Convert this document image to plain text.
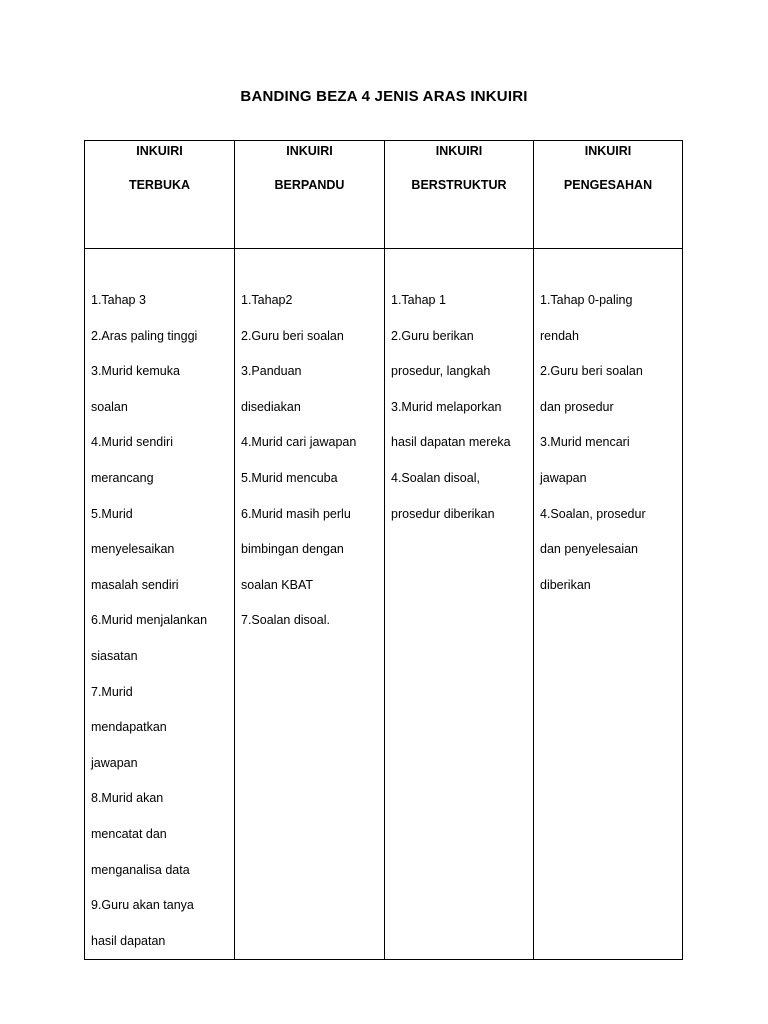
BANDING BEZA 4 JENIS ARAS INKUIRI
INKUIRI
TERBUKA
INKUIRI
BERPANDU
INKUIRI
BERSTRUKTUR
INKUIRI
PENGESAHAN
1.Tahap 3
2.Aras paling tinggi
3.Murid kemuka
soalan
4.Murid sendiri
merancang
5.Murid
menyelesaikan
masalah sendiri
6.Murid menjalankan
siasatan
7.Murid
mendapatkan
jawapan
8.Murid akan
mencatat dan
menganalisa data
9.Guru akan tanya
hasil dapatan
1.Tahap2
2.Guru beri soalan
3.Panduan
disediakan
4.Murid cari jawapan
5.Murid mencuba
6.Murid masih perlu
bimbingan dengan
soalan KBAT
7.Soalan disoal.
1.Tahap 1
2.Guru berikan
prosedur, langkah
3.Murid melaporkan
hasil dapatan mereka
4.Soalan disoal,
prosedur diberikan
1.Tahap 0-paling
rendah
2.Guru beri soalan
dan prosedur
3.Murid mencari
jawapan
4.Soalan, prosedur
dan penyelesaian
diberikan
